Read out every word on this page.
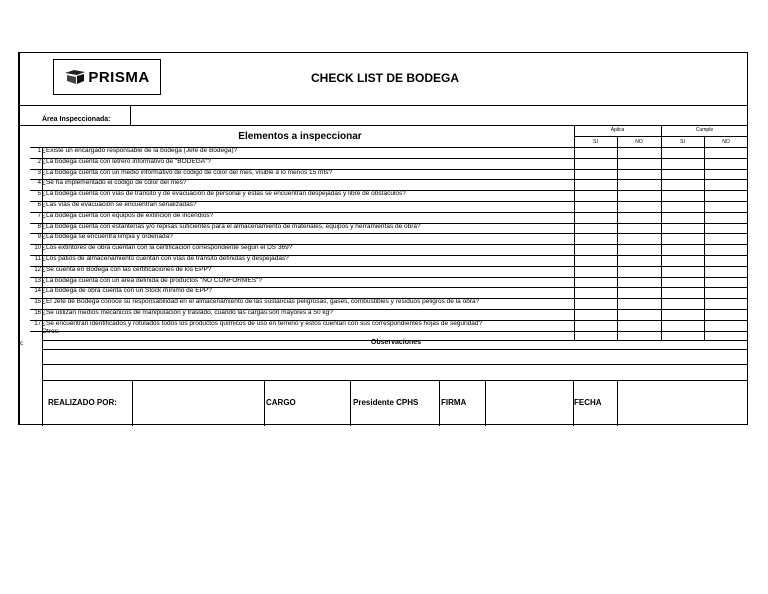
PRISMA	CHECK LIST DE BODEGA
Área Inspeccionada:
Elementos a inspeccionar
Aplica	Cumple
SI	NO	SI	NO
1 ¿Existe un encargado responsable de la bodega (Jefe de Bodega)?
2 ¿La bodega cuenta con letrero informativo de "BODEGA"?
3 ¿La bodega cuenta con un medio informativo de código de color del mes, visible a lo menos 15 mts?
4 ¿Se ha implementado el código de color del mes?
5 ¿La bodega cuenta con vías de tránsito y de evacuación de personal y estas se encuentran despejadas y libre de obstáculos?
6 ¿Las vías de evacuación se encuentran señalizadas?
7 ¿La bodega cuenta con equipos de extinción de incendios?
8 ¿La bodega cuenta con estanterías y/o repisas suficientes para el almacenamiento de materiales, equipos y herramientas de obra?
9 ¿La bodega se encuentra limpia y ordenada?
10 ¿Los extintores de obra cuentan con la certificación correspondiente según el DS 369?
11 ¿Los patios de almacenamiento cuentan con vías de tránsito definidas y despejadas?
12 ¿Se cuenta en Bodega con las certificaciones de los EPP?
13 ¿La bodega cuenta con un área definida de productos "NO CONFORMES"?
14 ¿La bodega de obra cuenta con un Stock mínimo de EPP?
15 ¿El Jefe de Bodega conoce su responsabilidad en el almacenamiento de las sustancias peligrosas, gases, combustibles y residuos peligros de la obra?
16 ¿Se utilizan medios mecánicos de manipulación y traslado, cuando las cargas son mayores a 50 kg?
17 ¿Se encuentran identificados y rotulados todos los productos químicos de uso en terreno y estos cuentan con sus correspondientes hojas de seguridad?
Otros:
c	Observaciones
REALIZADO POR:	CARGO	Presidente CPHS	FIRMA	FECHA
